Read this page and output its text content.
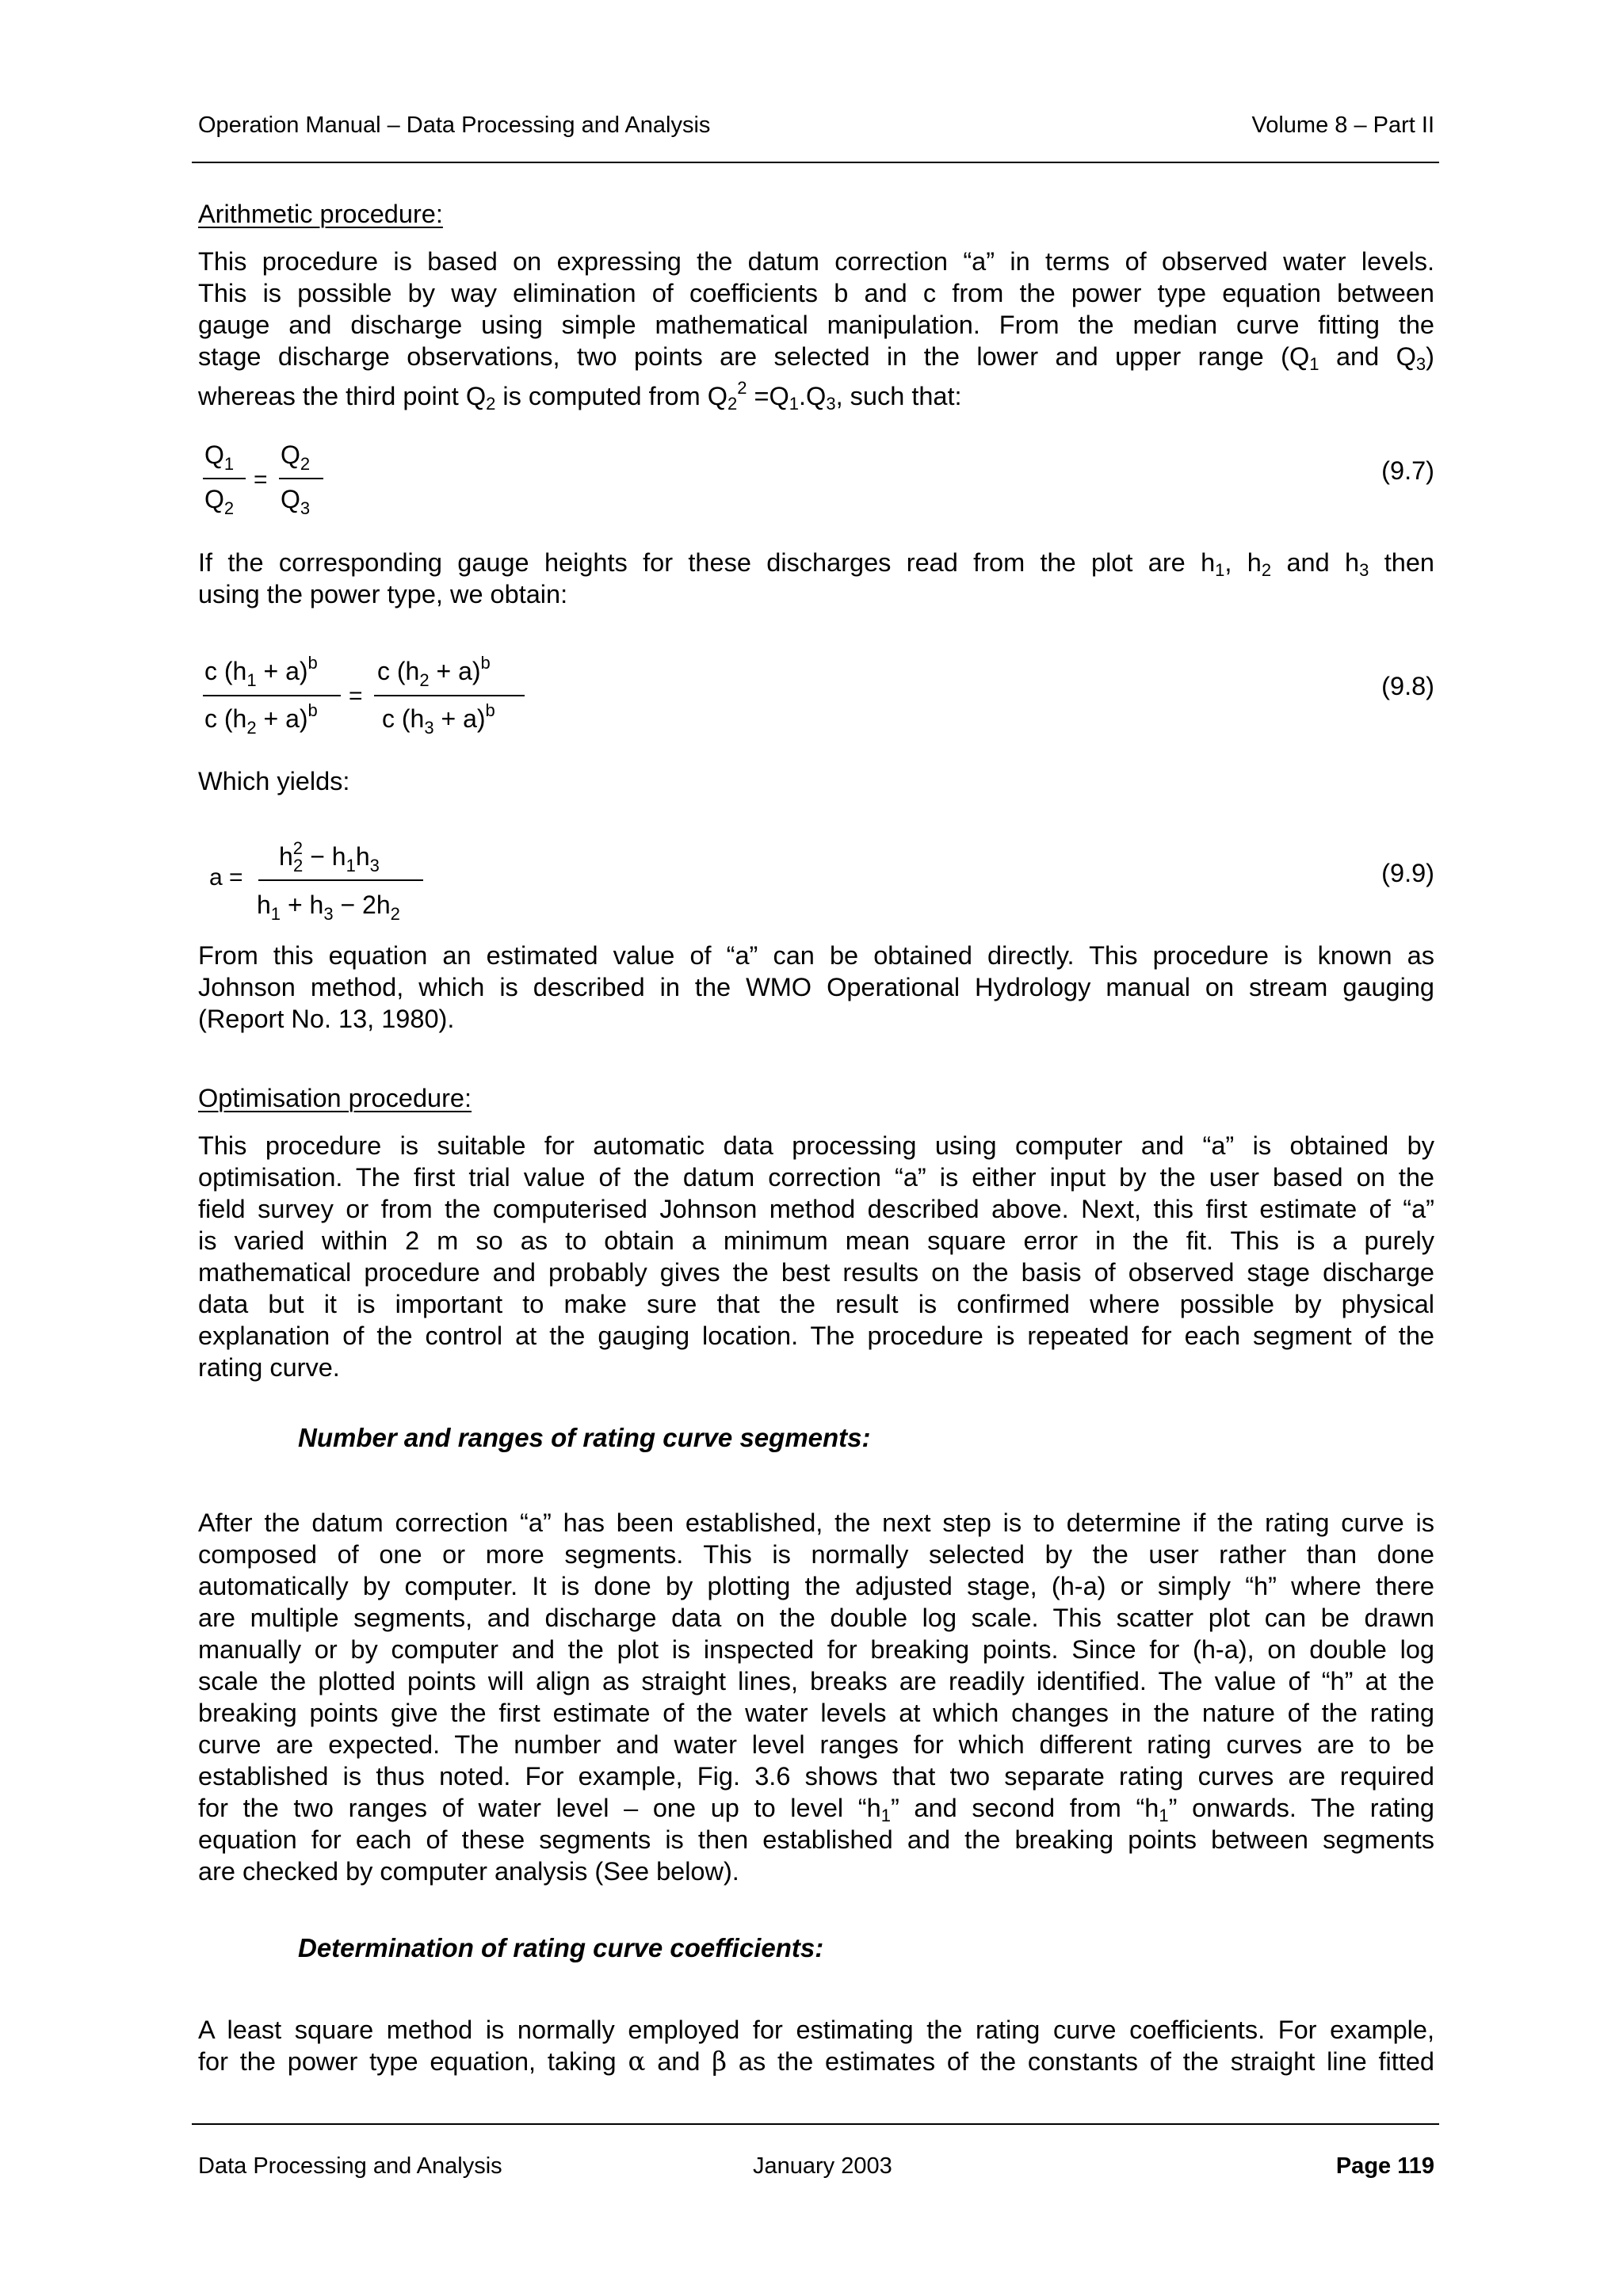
Operation Manual – Data Processing and Analysis	Volume 8 – Part II
Arithmetic procedure:
This procedure is based on expressing the datum correction “a” in terms of observed water levels.
This is possible by way elimination of coefficients b and c from the power type equation between
gauge and discharge using simple mathematical manipulation. From the median curve fitting the
stage discharge observations, two points are selected in the lower and upper range ($Q_1$ and $Q_3$)
whereas the third point $Q_2$ is computed from $Q_2^2 =Q_1.Q_3$, such that:
$Q_1$
$Q_2$
=
$Q_2$
$Q_3$
(9.7)
If the corresponding gauge heights for these discharges read from the plot are $h_1$, $h_2$ and $h_3$ then
using the power type, we obtain:
c $(h_1 + a)^b$
c $(h_2 + a)^b$
=
c $(h_2 + a)^b$
c $(h_3 + a)^b$
(9.8)
Which yields:
a =
$h^2$ $2 - h_1h_3$
$h_1 + h_3 - 2h_2$
(9.9)
From this equation an estimated value of “a” can be obtained directly. This procedure is known as
Johnson method, which is described in the WMO Operational Hydrology manual on stream gauging
(Report No. 13, 1980).
Optimisation procedure:
This procedure is suitable for automatic data processing using computer and “a” is obtained by
optimisation. The first trial value of the datum correction “a” is either input by the user based on the
field survey or from the computerised Johnson method described above. Next, this first estimate of “a”
is varied within 2 m so as to obtain a minimum mean square error in the fit. This is a purely
mathematical procedure and probably gives the best results on the basis of observed stage discharge
data but it is important to make sure that the result is confirmed where possible by physical
explanation of the control at the gauging location. The procedure is repeated for each segment of the
rating curve.
Number and ranges of rating curve segments:
After the datum correction “a” has been established, the next step is to determine if the rating curve is
composed of one or more segments. This is normally selected by the user rather than done
automatically by computer. It is done by plotting the adjusted stage, (h-a) or simply “h” where there
are multiple segments, and discharge data on the double log scale. This scatter plot can be drawn
manually or by computer and the plot is inspected for breaking points. Since for (h-a), on double log
scale the plotted points will align as straight lines, breaks are readily identified. The value of “h” at the
breaking points give the first estimate of the water levels at which changes in the nature of the rating
curve are expected. The number and water level ranges for which different rating curves are to be
established is thus noted. For example, Fig. 3.6 shows that two separate rating curves are required
for the two ranges of water level – one up to level “$h_1$” and second from “$h_1$” onwards. The rating
equation for each of these segments is then established and the breaking points between segments
are checked by computer analysis (See below).
Determination of rating curve coefficients:
A least square method is normally employed for estimating the rating curve coefficients. For example,
for the power type equation, taking α and β as the estimates of the constants of the straight line fitted
Data Processing and Analysis	January 2003	Page 119
